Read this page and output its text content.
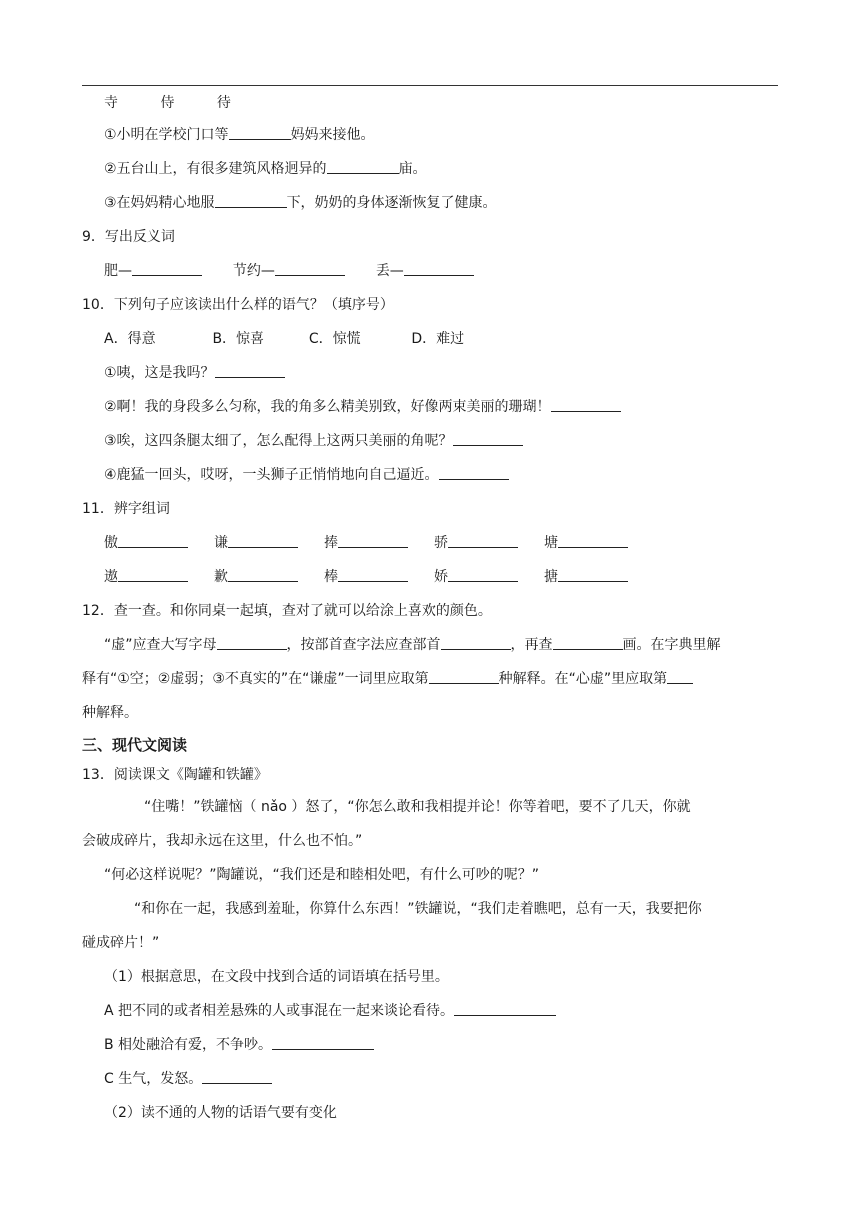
寺	侍	待
①小明在学校门口等	妈妈来接他。
②五台山上，有很多建筑风格迥异的	庙。
③在妈妈精心地服	下，奶奶的身体逐渐恢复了健康。
9．写出反义词
肥—	节约—	丢—
10．下列句子应该读出什么样的语气？（填序号）
A．得意	B．惊喜	C．惊慌	D．难过
①咦，这是我吗？
②啊！我的身段多么匀称，我的角多么精美别致，好像两束美丽的珊瑚！
③唉，这四条腿太细了，怎么配得上这两只美丽的角呢？
④鹿猛一回头，哎呀，一头狮子正悄悄地向自己逼近。
11．辨字组词
傲	谦	捧	骄	塘
遨	歉	棒	娇	搪
12．查一查。和你同桌一起填，查对了就可以给涂上喜欢的颜色。
“虚”应查大写字母	，按部首查字法应查部首	，再查	画。在字典里解
释有“①空；②虚弱；③不真实的”在“谦虚”一词里应取第	种解释。在“心虚”里应取第
种解释。
三、现代文阅读
13．阅读课文《陶罐和铁罐》
“住嘴！”铁罐恼（ nǎo ）怒了，“你怎么敢和我相提并论！你等着吧，要不了几天，你就
会破成碎片，我却永远在这里，什么也不怕。”
“何必这样说呢？”陶罐说，“我们还是和睦相处吧，有什么可吵的呢？”
“和你在一起，我感到羞耻，你算什么东西！”铁罐说，“我们走着瞧吧，总有一天，我要把你
碰成碎片！”
（1）根据意思，在文段中找到合适的词语填在括号里。
A 把不同的或者相差悬殊的人或事混在一起来谈论看待。
B 相处融洽有爱，不争吵。
C 生气，发怒。
（2）读不通的人物的话语气要有变化
